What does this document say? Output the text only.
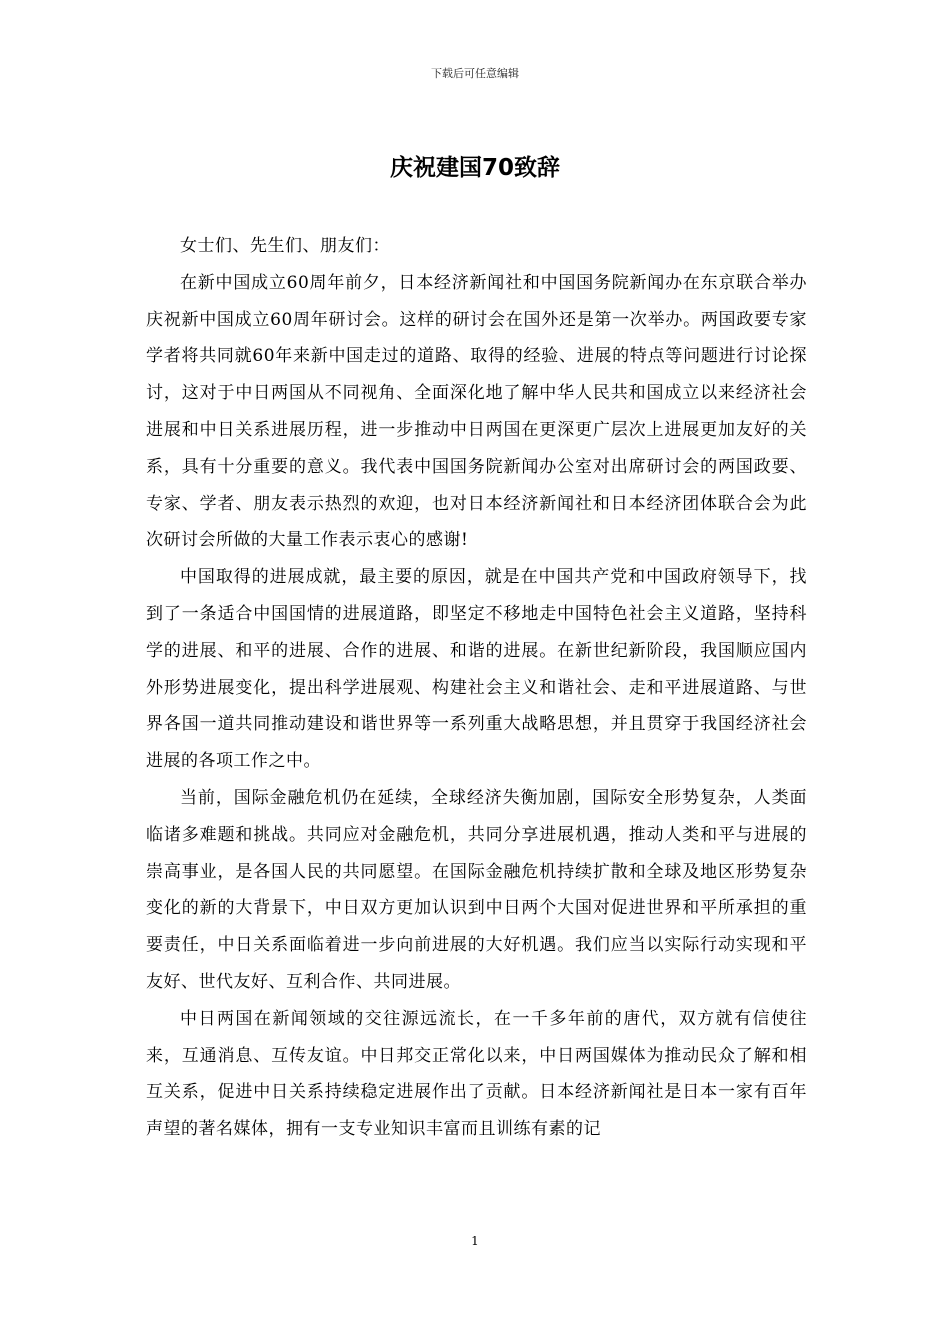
下载后可任意编辑
庆祝建国70致辞

女士们、先生们、朋友们：

在新中国成立60周年前夕，日本经济新闻社和中国国务院新闻办在东京联合举办庆祝新中国成立60周年研讨会。这样的研讨会在国外还是第一次举办。两国政要专家学者将共同就60年来新中国走过的道路、取得的经验、进展的特点等问题进行讨论探讨，这对于中日两国从不同视角、全面深化地了解中华人民共和国成立以来经济社会进展和中日关系进展历程，进一步推动中日两国在更深更广层次上进展更加友好的关系，具有十分重要的意义。我代表中国国务院新闻办公室对出席研讨会的两国政要、专家、学者、朋友表示热烈的欢迎，也对日本经济新闻社和日本经济团体联合会为此次研讨会所做的大量工作表示衷心的感谢!

中国取得的进展成就，最主要的原因，就是在中国共产党和中国政府领导下，找到了一条适合中国国情的进展道路，即坚定不移地走中国特色社会主义道路，坚持科学的进展、和平的进展、合作的进展、和谐的进展。在新世纪新阶段，我国顺应国内外形势进展变化，提出科学进展观、构建社会主义和谐社会、走和平进展道路、与世界各国一道共同推动建设和谐世界等一系列重大战略思想，并且贯穿于我国经济社会进展的各项工作之中。

当前，国际金融危机仍在延续，全球经济失衡加剧，国际安全形势复杂，人类面临诸多难题和挑战。共同应对金融危机，共同分享进展机遇，推动人类和平与进展的崇高事业，是各国人民的共同愿望。在国际金融危机持续扩散和全球及地区形势复杂变化的新的大背景下，中日双方更加认识到中日两个大国对促进世界和平所承担的重要责任，中日关系面临着进一步向前进展的大好机遇。我们应当以实际行动实现和平友好、世代友好、互利合作、共同进展。

中日两国在新闻领域的交往源远流长，在一千多年前的唐代，双方就有信使往来，互通消息、互传友谊。中日邦交正常化以来，中日两国媒体为推动民众了解和相互关系，促进中日关系持续稳定进展作出了贡献。日本经济新闻社是日本一家有百年声望的著名媒体，拥有一支专业知识丰富而且训练有素的记

1
